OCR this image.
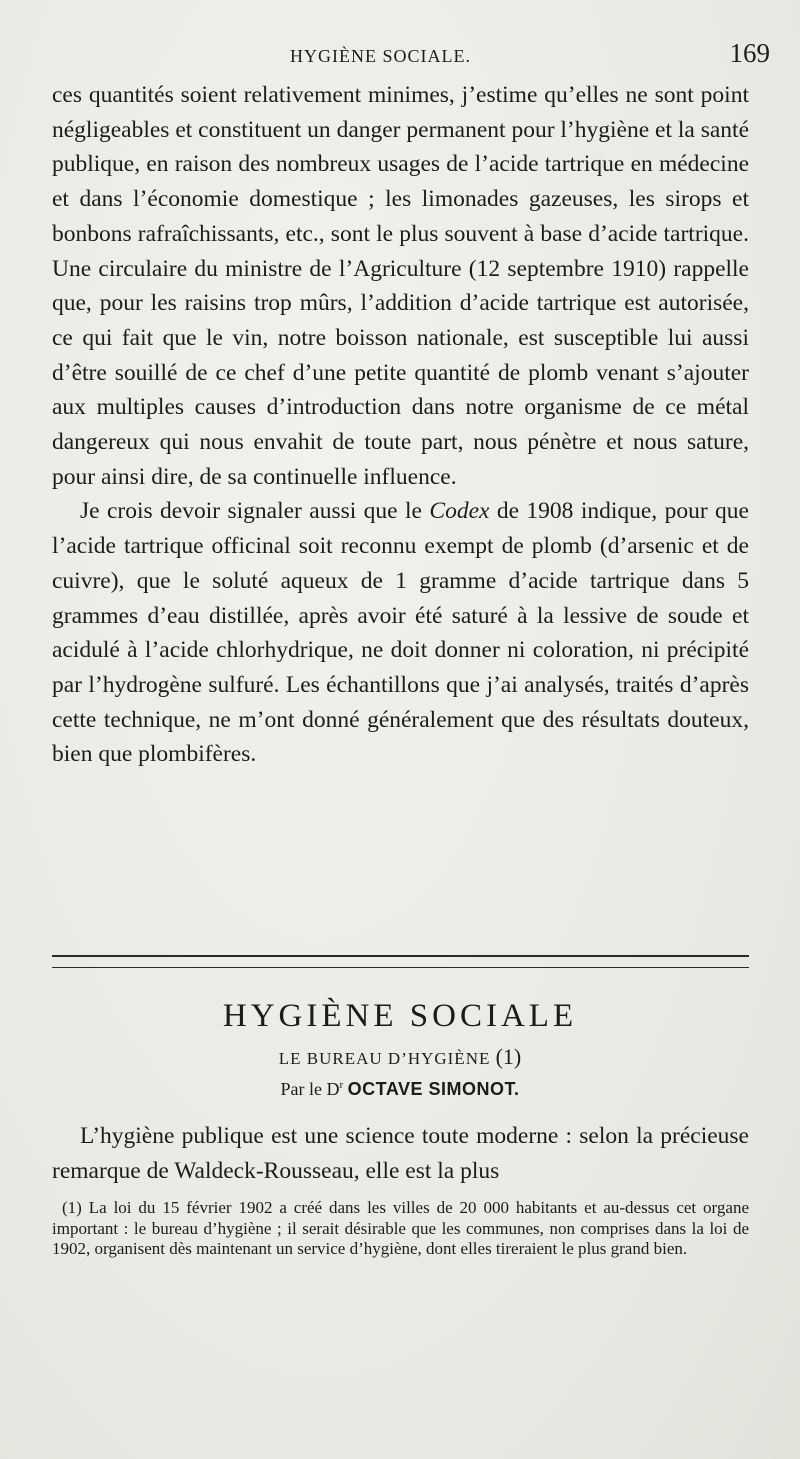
HYGIÈNE SOCIALE.	169

ces quantités soient relativement minimes, j’estime qu’elles ne sont point négligeables et constituent un danger permanent pour l’hygiène et la santé publique, en raison des nombreux usages de l’acide tartrique en médecine et dans l’économie domestique ; les limonades gazeuses, les sirops et bonbons rafraîchissants, etc., sont le plus souvent à base d’acide tartrique. Une circulaire du ministre de l’Agriculture (12 septembre 1910) rappelle que, pour les raisins trop mûrs, l’addition d’acide tartrique est autorisée, ce qui fait que le vin, notre boisson nationale, est susceptible lui aussi d’être souillé de ce chef d’une petite quantité de plomb venant s’ajouter aux multiples causes d’introduction dans notre organisme de ce métal dangereux qui nous envahit de toute part, nous pénètre et nous sature, pour ainsi dire, de sa continuelle influence.

Je crois devoir signaler aussi que le Codex de 1908 indique, pour que l’acide tartrique officinal soit reconnu exempt de plomb (d’arsenic et de cuivre), que le soluté aqueux de 1 gramme d’acide tartrique dans 5 grammes d’eau distillée, après avoir été saturé à la lessive de soude et acidulé à l’acide chlorhydrique, ne doit donner ni coloration, ni précipité par l’hydrogène sulfuré. Les échantillons que j’ai analysés, traités d’après cette technique, ne m’ont donné généralement que des résultats douteux, bien que plombifères.

HYGIÈNE SOCIALE
LE BUREAU D’HYGIÈNE (1)
Par le $D^r$ OCTAVE SIMONOT.

L’hygiène publique est une science toute moderne : selon la précieuse remarque de Waldeck-Rousseau, elle est la plus

(1) La loi du 15 février 1902 a créé dans les villes de 20 000 habitants et au-dessus cet organe important : le bureau d’hygiène ; il serait désirable que les communes, non comprises dans la loi de 1902, organisent dès maintenant un service d’hygiène, dont elles tireraient le plus grand bien.
